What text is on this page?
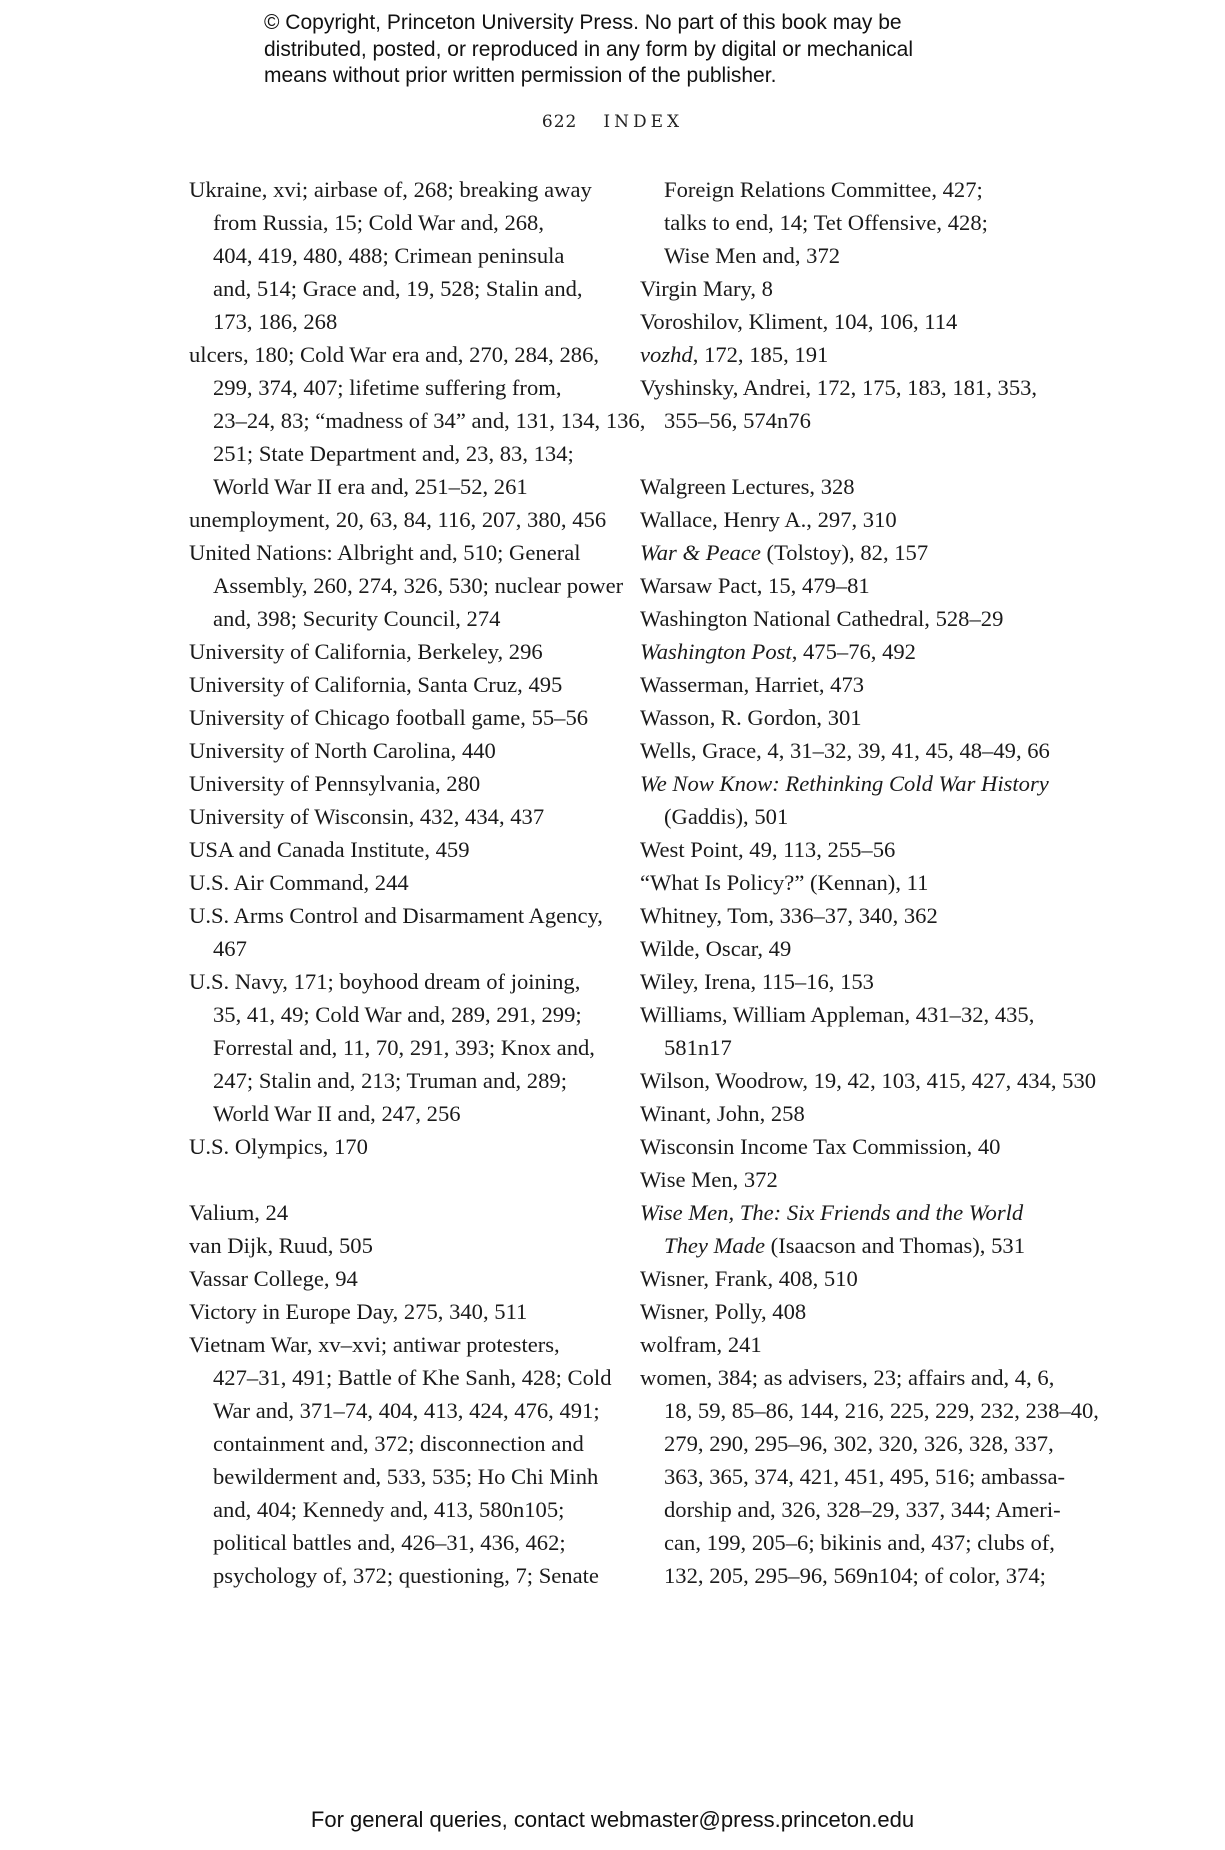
© Copyright, Princeton University Press. No part of this book may be
distributed, posted, or reproduced in any form by digital or mechanical
means without prior written permission of the publisher.
622 INDEX
Ukraine, xvi; airbase of, 268; breaking away
from Russia, 15; Cold War and, 268,
404, 419, 480, 488; Crimean peninsula
and, 514; Grace and, 19, 528; Stalin and,
173, 186, 268
ulcers, 180; Cold War era and, 270, 284, 286,
299, 374, 407; lifetime suffering from,
23–24, 83; “madness of 34” and, 131, 134, 136,
251; State Department and, 23, 83, 134;
World War II era and, 251–52, 261
unemployment, 20, 63, 84, 116, 207, 380, 456
United Nations: Albright and, 510; General
Assembly, 260, 274, 326, 530; nuclear power
and, 398; Security Council, 274
University of California, Berkeley, 296
University of California, Santa Cruz, 495
University of Chicago football game, 55–56
University of North Carolina, 440
University of Pennsylvania, 280
University of Wisconsin, 432, 434, 437
USA and Canada Institute, 459
U.S. Air Command, 244
U.S. Arms Control and Disarmament Agency,
467
U.S. Navy, 171; boyhood dream of joining,
35, 41, 49; Cold War and, 289, 291, 299;
Forrestal and, 11, 70, 291, 393; Knox and,
247; Stalin and, 213; Truman and, 289;
World War II and, 247, 256
U.S. Olympics, 170
Valium, 24
van Dijk, Ruud, 505
Vassar College, 94
Victory in Europe Day, 275, 340, 511
Vietnam War, xv–xvi; antiwar protesters,
427–31, 491; Battle of Khe Sanh, 428; Cold
War and, 371–74, 404, 413, 424, 476, 491;
containment and, 372; disconnection and
bewilderment and, 533, 535; Ho Chi Minh
and, 404; Kennedy and, 413, 580n105;
political battles and, 426–31, 436, 462;
psychology of, 372; questioning, 7; Senate
Foreign Relations Committee, 427;
talks to end, 14; Tet Offensive, 428;
Wise Men and, 372
Virgin Mary, 8
Voroshilov, Kliment, 104, 106, 114
vozhd, 172, 185, 191
Vyshinsky, Andrei, 172, 175, 183, 181, 353,
355–56, 574n76
Walgreen Lectures, 328
Wallace, Henry A., 297, 310
War & Peace (Tolstoy), 82, 157
Warsaw Pact, 15, 479–81
Washington National Cathedral, 528–29
Washington Post, 475–76, 492
Wasserman, Harriet, 473
Wasson, R. Gordon, 301
Wells, Grace, 4, 31–32, 39, 41, 45, 48–49, 66
We Now Know: Rethinking Cold War History
(Gaddis), 501
West Point, 49, 113, 255–56
“What Is Policy?” (Kennan), 11
Whitney, Tom, 336–37, 340, 362
Wilde, Oscar, 49
Wiley, Irena, 115–16, 153
Williams, William Appleman, 431–32, 435,
581n17
Wilson, Woodrow, 19, 42, 103, 415, 427, 434, 530
Winant, John, 258
Wisconsin Income Tax Commission, 40
Wise Men, 372
Wise Men, The: Six Friends and the World
They Made (Isaacson and Thomas), 531
Wisner, Frank, 408, 510
Wisner, Polly, 408
wolfram, 241
women, 384; as advisers, 23; affairs and, 4, 6,
18, 59, 85–86, 144, 216, 225, 229, 232, 238–40,
279, 290, 295–96, 302, 320, 326, 328, 337,
363, 365, 374, 421, 451, 495, 516; ambassa-
dorship and, 326, 328–29, 337, 344; Ameri-
can, 199, 205–6; bikinis and, 437; clubs of,
132, 205, 295–96, 569n104; of color, 374;
For general queries, contact webmaster@press.princeton.edu
